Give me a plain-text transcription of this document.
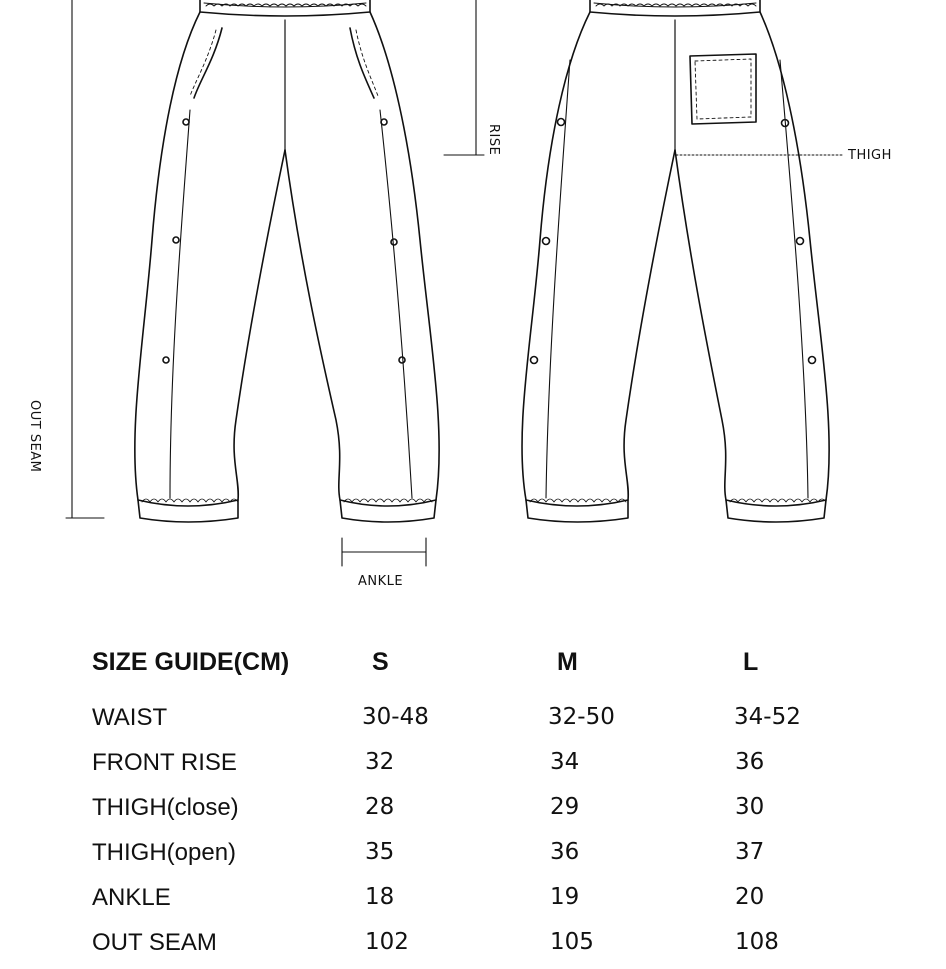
RISE
THIGH
OUT SEAM
ANKLE
SIZE GUIDE(CM)	S	M	L
WAIST	30-48	32-50	34-52
FRONT RISE	32	34	36
THIGH(close)	28	29	30
THIGH(open)	35	36	37
ANKLE	18	19	20
OUT SEAM	102	105	108
